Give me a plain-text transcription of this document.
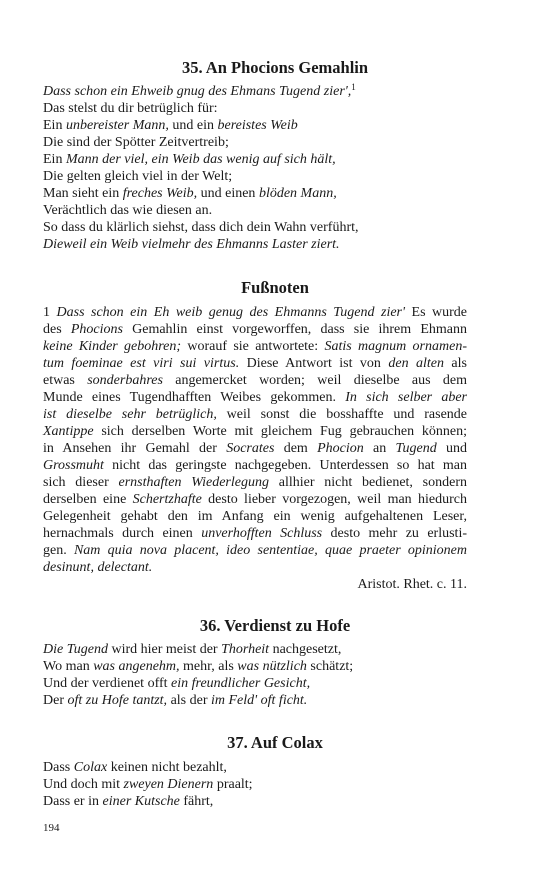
35. An Phocions Gemahlin
Dass schon ein Ehweib gnug des Ehmans Tugend zier',$^1$
Das stelst du dir betrüglich für:
Ein unbereister Mann, und ein bereistes Weib
Die sind der Spötter Zeitvertreib;
Ein Mann der viel, ein Weib das wenig auf sich hält,
Die gelten gleich viel in der Welt;
Man sieht ein freches Weib, und einen blöden Mann,
Verächtlich das wie diesen an.
So dass du klärlich siehst, dass dich dein Wahn verführt,
Dieweil ein Weib vielmehr des Ehmanns Laster ziert.
Fußnoten
1 Dass schon ein Eh weib genug des Ehmanns Tugend zier' Es wurde
des Phocions Gemahlin einst vorgeworffen, dass sie ihrem Ehmann
keine Kinder gebohren; worauf sie antwortete: Satis magnum ornamen-
tum foeminae est viri sui virtus. Diese Antwort ist von den alten als
etwas sonderbahres angemercket worden; weil dieselbe aus dem
Munde eines Tugendhafften Weibes gekommen. In sich selber aber
ist dieselbe sehr betrüglich, weil sonst die bosshaffte und rasende
Xantippe sich derselben Worte mit gleichem Fug gebrauchen können;
in Ansehen ihr Gemahl der Socrates dem Phocion an Tugend und
Grossmuht nicht das geringste nachgegeben. Unterdessen so hat man
sich dieser ernsthaften Wiederlegung allhier nicht bedienet, sondern
derselben eine Schertzhafte desto lieber vorgezogen, weil man hiedurch
Gelegenheit gehabt den im Anfang ein wenig aufgehaltenen Leser,
hernachmals durch einen unverhofften Schluss desto mehr zu erlusti-
gen. Nam quia nova placent, ideo sententiae, quae praeter opinionem
desinunt, delectant.
Aristot. Rhet. c. 11.
36. Verdienst zu Hofe
Die Tugend wird hier meist der Thorheit nachgesetzt,
Wo man was angenehm, mehr, als was nützlich schätzt;
Und der verdienet offt ein freundlicher Gesicht,
Der oft zu Hofe tantzt, als der im Feld' oft ficht.
37. Auf Colax
Dass Colax keinen nicht bezahlt,
Und doch mit zweyen Dienern praalt;
Dass er in einer Kutsche fährt,
194
